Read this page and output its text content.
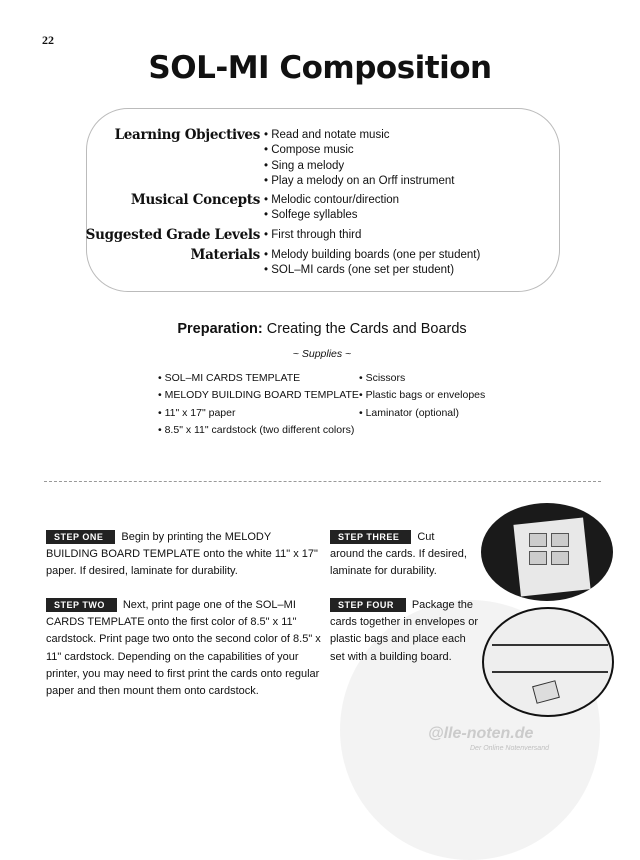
22
SOL-MI Composition
Learning Objectives • Read and notate music
• Compose music
• Sing a melody
• Play a melody on an Orff instrument
Musical Concepts • Melodic contour/direction
• Solfege syllables
Suggested Grade Levels • First through third
Materials • Melody building boards (one per student)
• SOL–MI cards (one set per student)
Preparation: Creating the Cards and Boards
~ Supplies ~
• SOL–MI CARDS TEMPLATE
• MELODY BUILDING BOARD TEMPLATE
• 11" x 17" paper
• 8.5" x 11" cardstock (two different colors)
• Scissors
• Plastic bags or envelopes
• Laminator (optional)
@lle-noten.de
Der Online Notenversand
STEP ONE Begin by printing the MELODY BUILDING BOARD TEMPLATE onto the white 11" x 17" paper. If desired, laminate for durability.
STEP TWO Next, print page one of the SOL–MI CARDS TEMPLATE onto the first color of 8.5" x 11" cardstock. Print page two onto the second color of 8.5" x 11" cardstock. Depending on the capabilities of your printer, you may need to first print the cards onto regular paper and then mount them onto cardstock.
STEP THREE Cut around the cards. If desired, laminate for durability.
STEP FOUR Package the cards together in envelopes or plastic bags and place each set with a building board.
